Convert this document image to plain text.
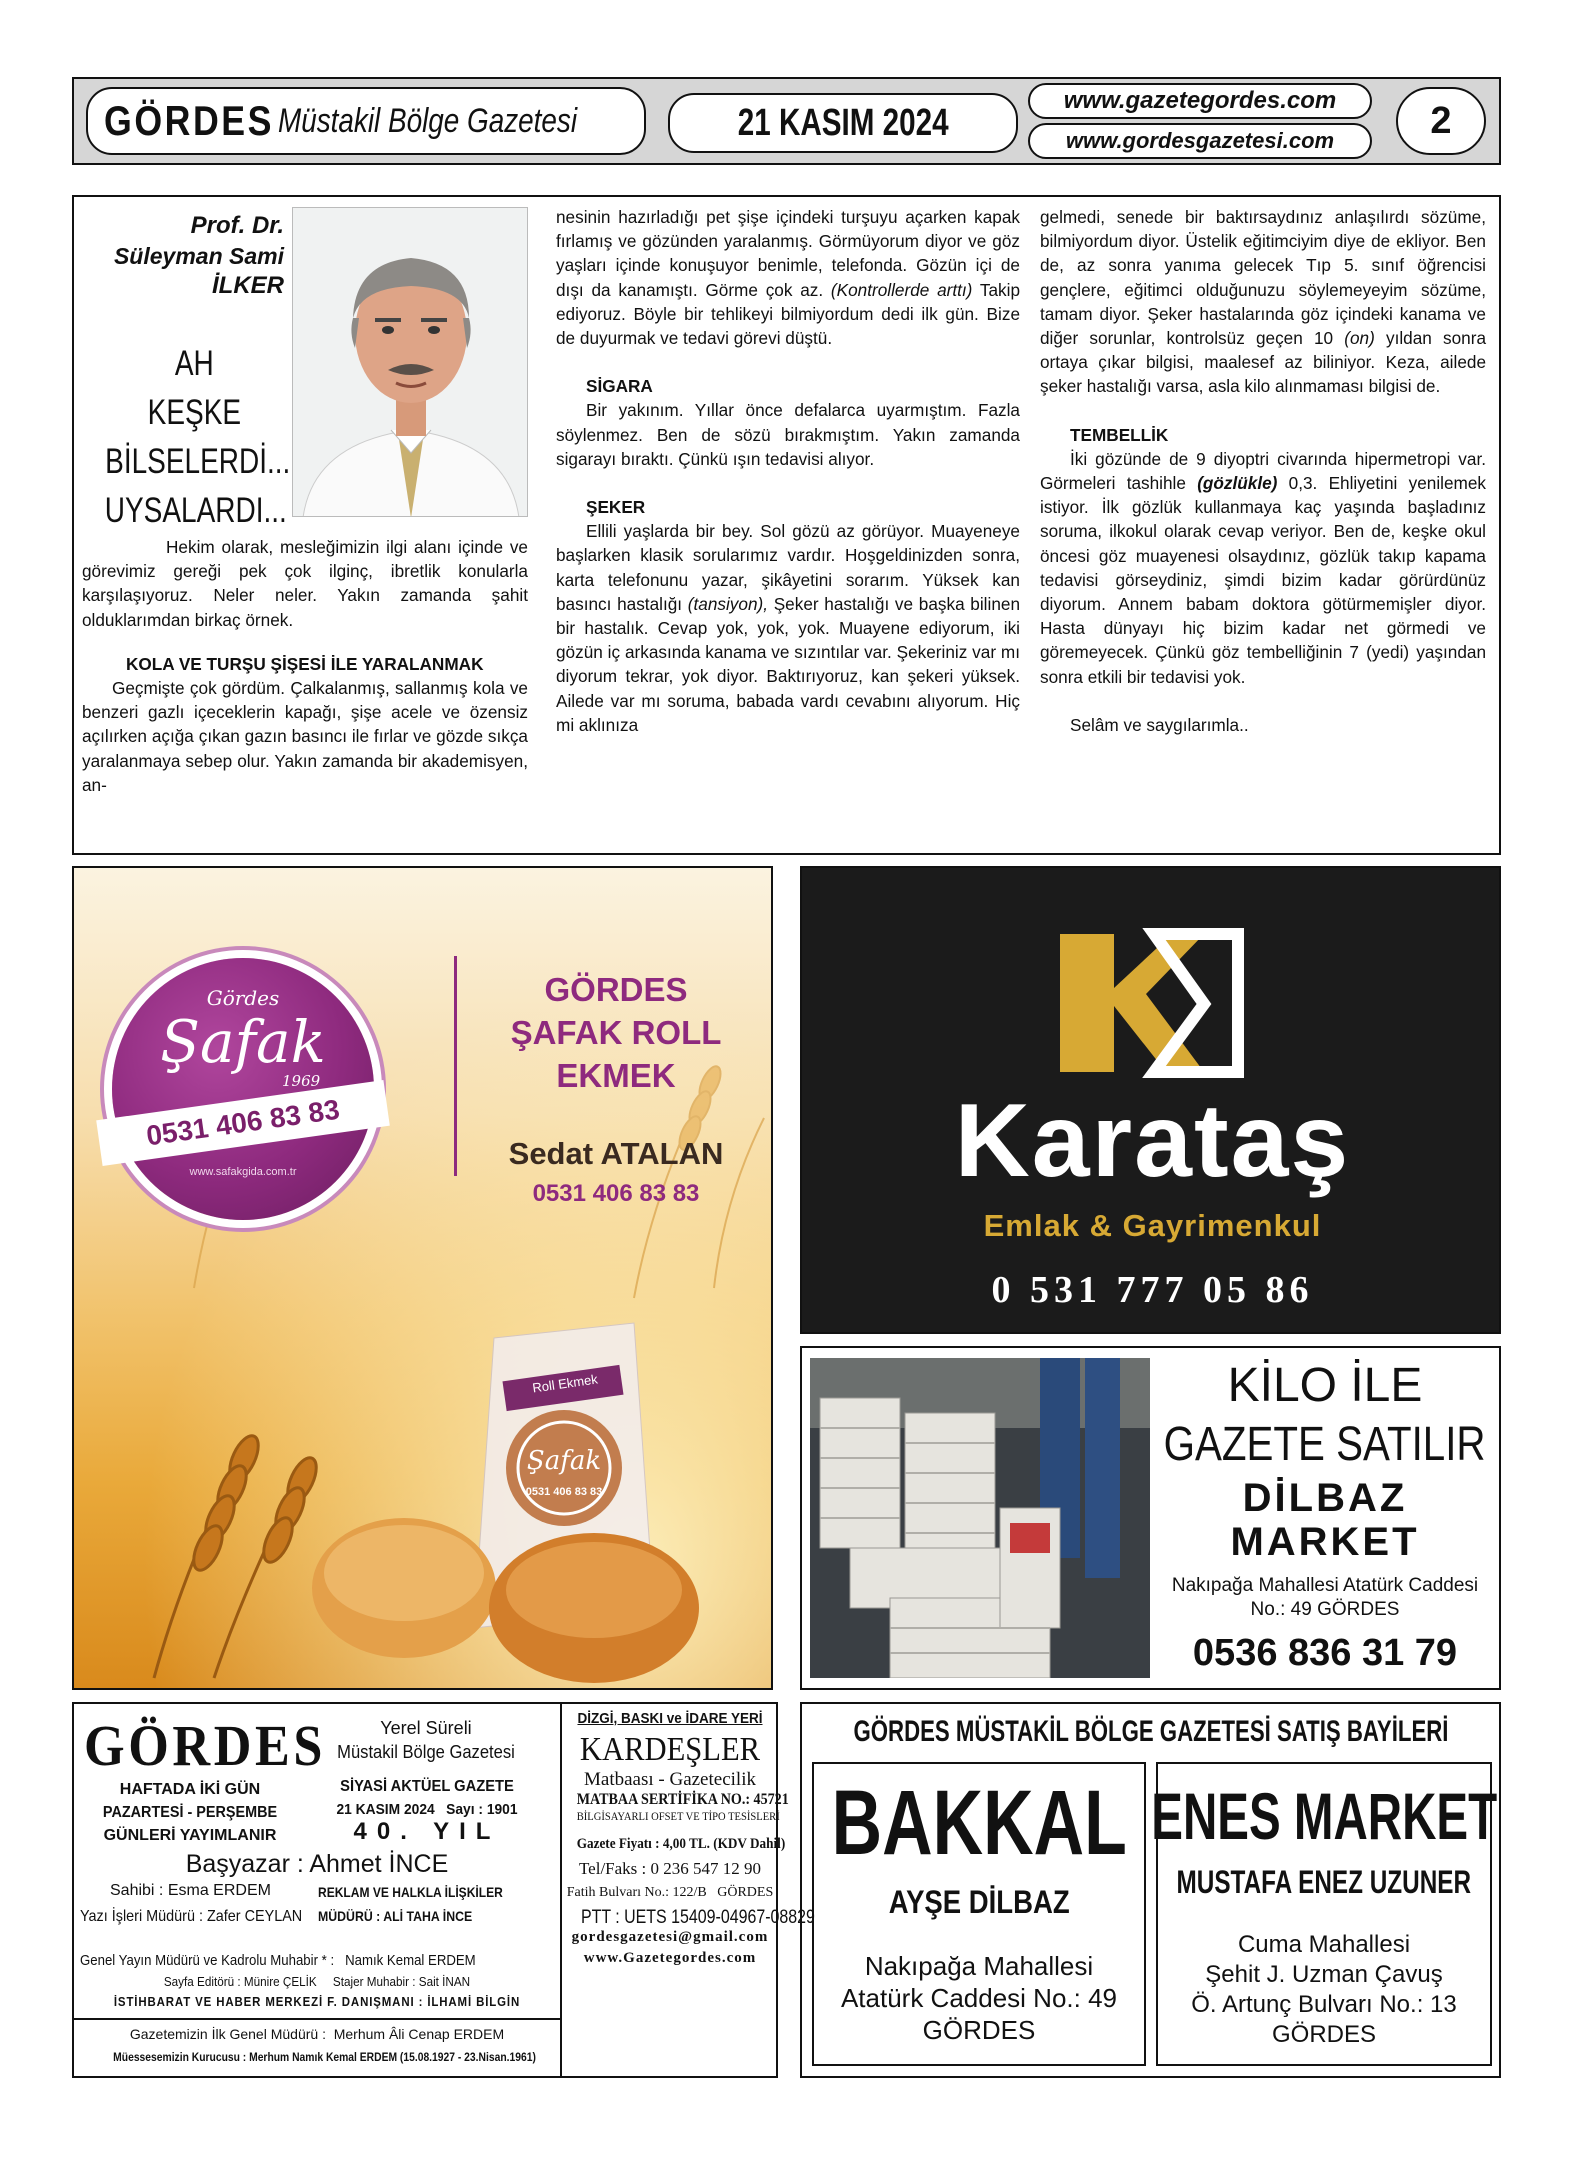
GÖRDES Müstakil Bölge Gazetesi	21 KASIM 2024
www.gazetegordes.com
www.gordesgazetesi.com	2
Prof. Dr.
Süleyman Sami
İLKER
AH
KEŞKE
BİLSELERDİ...
UYSALARDI...

Hekim olarak, mesleğimizin ilgi alanı içinde ve görevimiz gereği pek çok ilginç, ibretlik konularla karşılaşıyoruz. Neler neler. Yakın zamanda şahit olduklarımdan birkaç örnek.

KOLA VE TURŞU ŞİŞESİ İLE YARALANMAK

Geçmişte çok gördüm. Çalkalanmış, sallanmış kola ve benzeri gazlı içeceklerin kapağı, şişe acele ve özensiz açılırken açığa çıkan gazın basıncı ile fırlar ve gözde sıkça yaralanmaya sebep olur. Yakın zamanda bir akademisyen, an-

nesinin hazırladığı pet şişe içindeki turşuyu açarken kapak fırlamış ve gözünden yaralanmış. Görmüyorum diyor ve göz yaşları içinde konuşuyor benimle, telefonda. Gözün içi de dışı da kanamıştı. Görme çok az. (Kontrollerde arttı) Takip ediyoruz. Böyle bir tehlikeyi bilmiyordum dedi ilk gün. Bize de duyurmak ve tedavi görevi düştü.

SİGARA

Bir yakınım. Yıllar önce defalarca uyarmıştım. Fazla söylenmez. Ben de sözü bırakmıştım. Yakın zamanda sigarayı bıraktı. Çünkü ışın tedavisi alıyor.

ŞEKER

Ellili yaşlarda bir bey. Sol gözü az görüyor. Muayeneye başlarken klasik sorularımız vardır. Hoşgeldinizden sonra, karta telefonunu yazar, şikâyetini sorarım. Yüksek kan basıncı hastalığı (tansiyon), Şeker hastalığı ve başka bilinen bir hastalık. Cevap yok, yok, yok. Muayene ediyorum, iki gözün iç arkasında kanama ve sızıntılar var. Şekeriniz var mı diyorum tekrar, yok diyor. Baktırıyoruz, kan şekeri yüksek. Ailede var mı soruma, babada vardı cevabını alıyorum. Hiç mi aklınıza

gelmedi, senede bir baktırsaydınız anlaşılırdı sözüme, bilmiyordum diyor. Üstelik eğitimciyim diye de ekliyor. Ben de, az sonra yanıma gelecek Tıp 5. sınıf öğrencisi gençlere, eğitimci olduğunuzu söylemeyeyim sözüme, tamam diyor. Şeker hastalarında göz içindeki kanama ve diğer sorunlar, kontrolsüz geçen 10 (on) yıldan sonra ortaya çıkar bilgisi, maalesef az biliniyor. Keza, ailede şeker hastalığı varsa, asla kilo alınmaması bilgisi de.

TEMBELLİK

İki gözünde de 9 diyoptri civarında hipermetropi var. Görmeleri tashihle (gözlükle) 0,3. Ehliyetini yenilemek istiyor. İlk gözlük kullanmaya kaç yaşında başladınız soruma, ilkokul olarak cevap veriyor. Ben de, keşke okul öncesi göz muayenesi olsaydınız, gözlük takıp kapama tedavisi görseydiniz, şimdi bizim kadar görürdünüz diyorum. Annem babam doktora götürmemişler diyor. Hasta dünyayı hiç bizim kadar net görmedi ve göremeyecek. Çünkü göz tembelliğinin 7 (yedi) yaşından sonra etkili bir tedavisi yok.

Selâm ve saygılarımla..

Gördes
Şafak
1969
0531 406 83 83
www.safakgida.com.tr
GÖRDES
ŞAFAK ROLL
EKMEK
Sedat ATALAN
0531 406 83 83
Roll Ekmek
Şafak
0531 406 83 83
Karataş
Emlak & Gayrimenkul
0 531 777 05 86
KİLO İLE
GAZETE SATILIR
DİLBAZ
MARKET
Nakıpağa Mahallesi Atatürk Caddesi No.: 49 GÖRDES
0536 836 31 79
GÖRDES	Yerel Süreli
Müstakil Bölge Gazetesi
HAFTADA İKİ GÜN
PAZARTESİ - PERŞEMBE
GÜNLERİ YAYIMLANIR
SİYASİ AKTÜEL GAZETE
21 KASIM 2024   Sayı : 1901
40. YIL
Başyazar : Ahmet İNCE
Sahibi : Esma ERDEM	REKLAM VE HALKLA İLİŞKİLER
Yazı İşleri Müdürü : Zafer CEYLAN MÜDÜRÜ : ALİ TAHA İNCE
Genel Yayın Müdürü ve Kadrolu Muhabir * :   Namık Kemal ERDEM
Sayfa Editörü : Münire ÇELİK     Stajer Muhabir : Sait İNAN
İSTİHBARAT VE HABER MERKEZİ F. DANIŞMANI : İLHAMİ BİLGİN
Gazetemizin İlk Genel Müdürü :  Merhum Âli Cenap ERDEM
Müessesemizin Kurucusu : Merhum Namık Kemal ERDEM (15.08.1927 - 23.Nisan.1961)
DİZGİ, BASKI ve İDARE YERİ
KARDEŞLER
Matbaası - Gazetecilik
MATBAA SERTİFİKA NO.: 45721
BİLGİSAYARLI OFSET VE TİPO TESİSLERİ
Gazete Fiyatı : 4,00 TL. (KDV Dahil)
Tel/Faks : 0 236 547 12 90
Fatih Bulvarı No.: 122/B   GÖRDES
PTT : UETS 15409-04967-08829
gordesgazetesi@gmail.com
www.Gazetegordes.com
GÖRDES MÜSTAKİL BÖLGE GAZETESİ SATIŞ BAYİLERİ
BAKKAL
AYŞE DİLBAZ
Nakıpağa Mahallesi
Atatürk Caddesi No.: 49
GÖRDES
ENES MARKET
MUSTAFA ENEZ UZUNER
Cuma Mahallesi
Şehit J. Uzman Çavuş
Ö. Artunç Bulvarı No.: 13
GÖRDES
